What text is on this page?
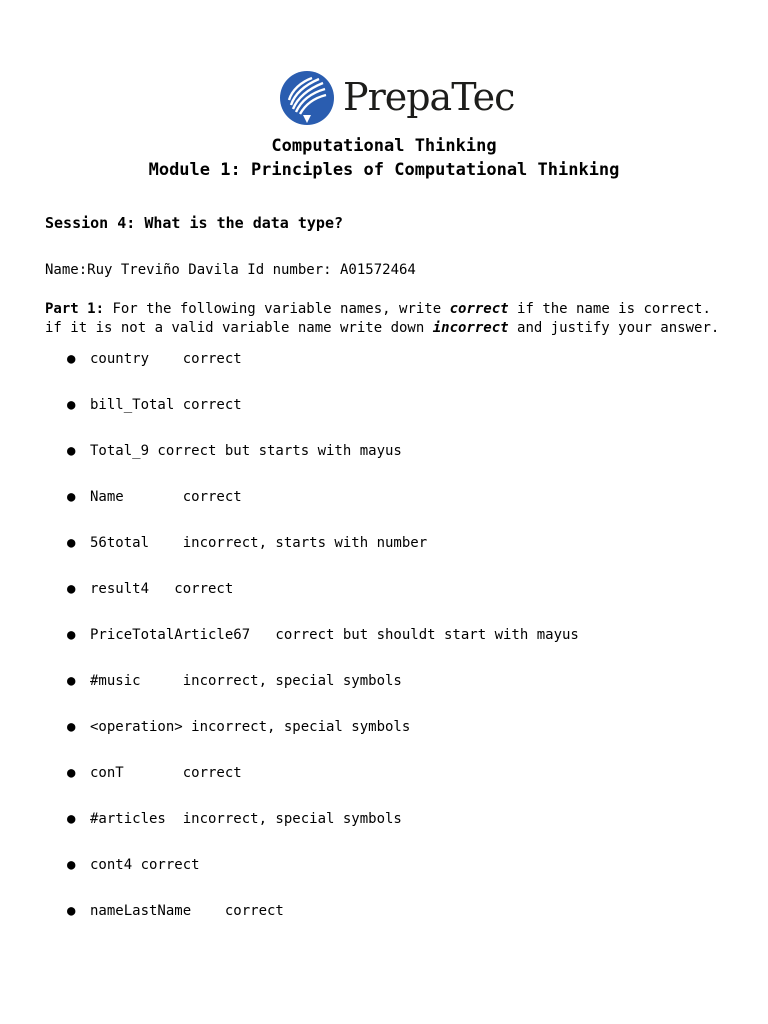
PrepaTec
Computational Thinking
Module 1: Principles of Computational Thinking
Session 4: What is the data type?
Name:Ruy Treviño Davila Id number: A01572464
Part 1: For the following variable names, write correct if the name is correct.
if it is not a valid variable name write down incorrect and justify your answer.
● country    correct
● bill_Total correct
● Total_9 correct but starts with mayus
● Name       correct
● 56total    incorrect, starts with number
● result4   correct
● PriceTotalArticle67   correct but shouldt start with mayus
● #music     incorrect, special symbols
● <operation> incorrect, special symbols
● conT       correct
● #articles  incorrect, special symbols
● cont4 correct
● nameLastName    correct
